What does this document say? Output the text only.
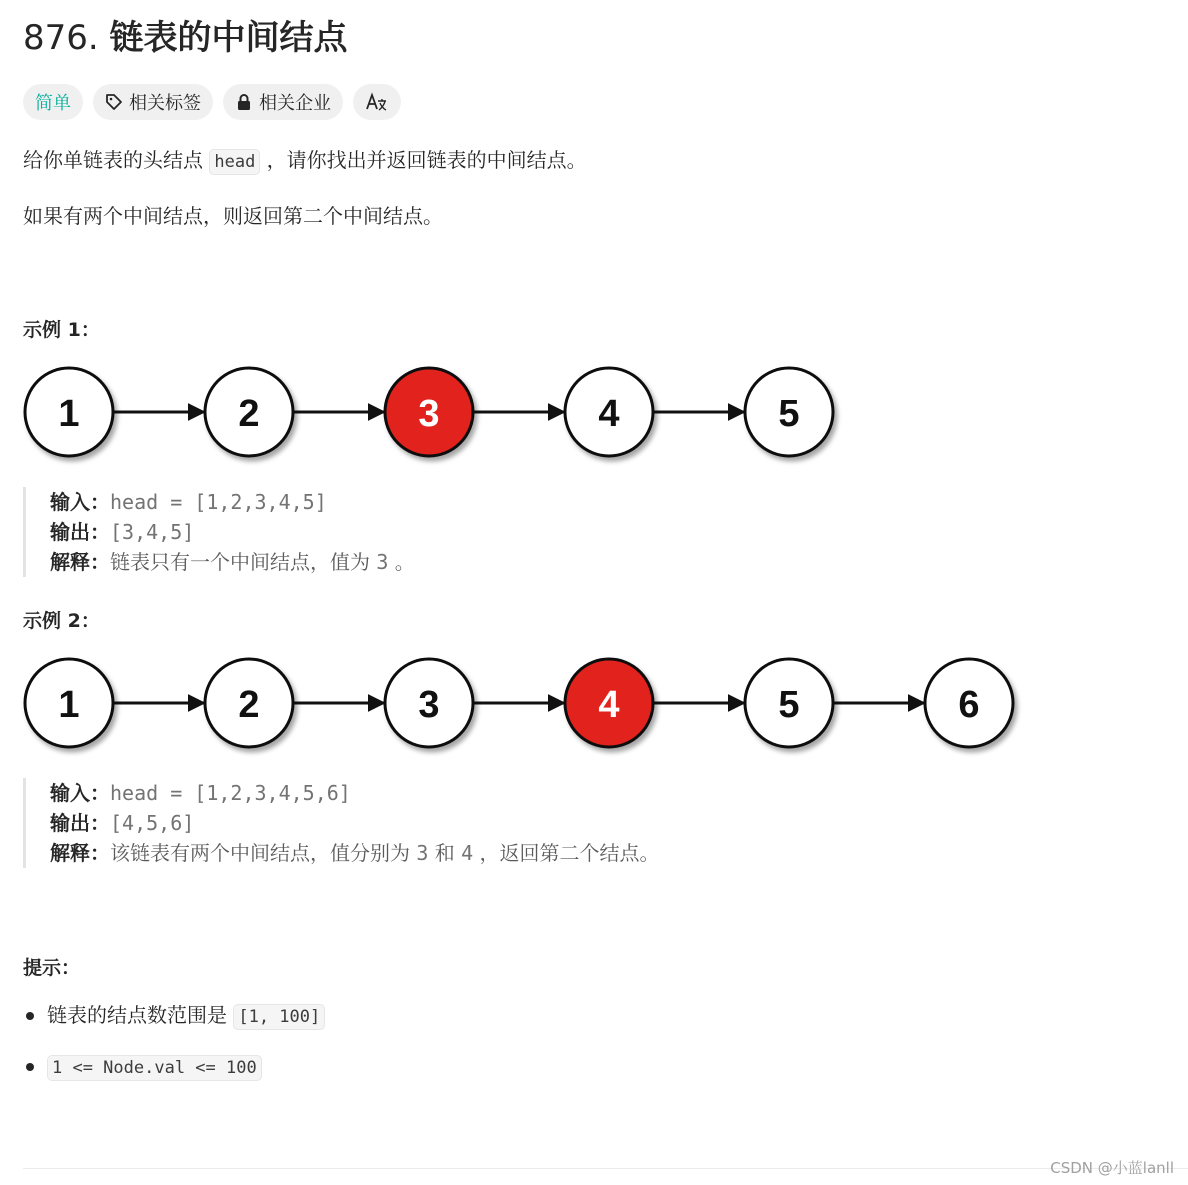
876. 链表的中间结点
简单	相关标签	相关企业

给你单链表的头结点 head ，请你找出并返回链表的中间结点。

如果有两个中间结点，则返回第二个中间结点。

示例 1：

1	2	3	4	5
输入：head = [1,2,3,4,5]
输出：[3,4,5]
解释：链表只有一个中间结点，值为 3 。

示例 2：

1	2	3	4	5	6
输入：head = [1,2,3,4,5,6]
输出：[4,5,6]
解释：该链表有两个中间结点，值分别为 3 和 4 ，返回第二个结点。

提示：

链表的结点数范围是 [1, 100]
1 <= Node.val <= 100
CSDN @小蓝lanll
